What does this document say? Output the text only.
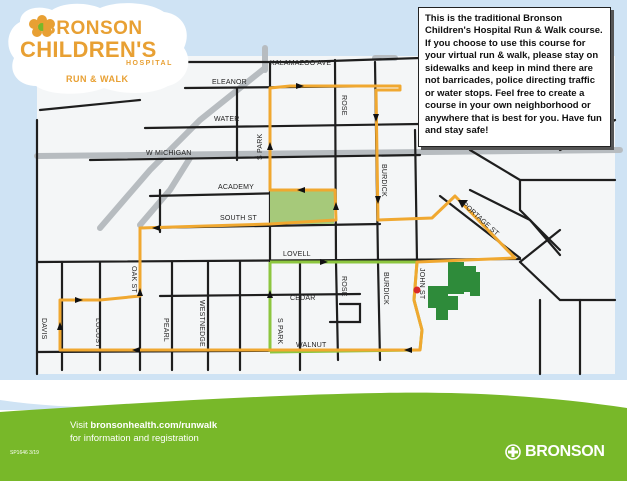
KALAMAZOO AVE
ELEANOR
WATER
W MICHIGAN
ACADEMY
SOUTH ST
LOVELL
CEDAR
WALNUT
ROSE
ROSE
S PARK
S PARK
BURDICK
BURDICK	JOHN ST
PORTAGE ST
OAK ST
PEARL	WESTNEDGE
LOCUST
DAVIS
BRONSON
CHILDREN'S
HOSPITAL
RUN & WALK
This is the traditional Bronson Children's Hospital Run & Walk course. If you choose to use this course for your virtual run & walk, please stay on sidewalks and keep in mind there are not barricades, police directing traffic or water stops. Feel free to create a course in your own neighborhood or anywhere that is best for you. Have fun and stay safe!
Visit bronsonhealth.com/runwalk
for information and registration
SP1646 3/19	BRONSON
